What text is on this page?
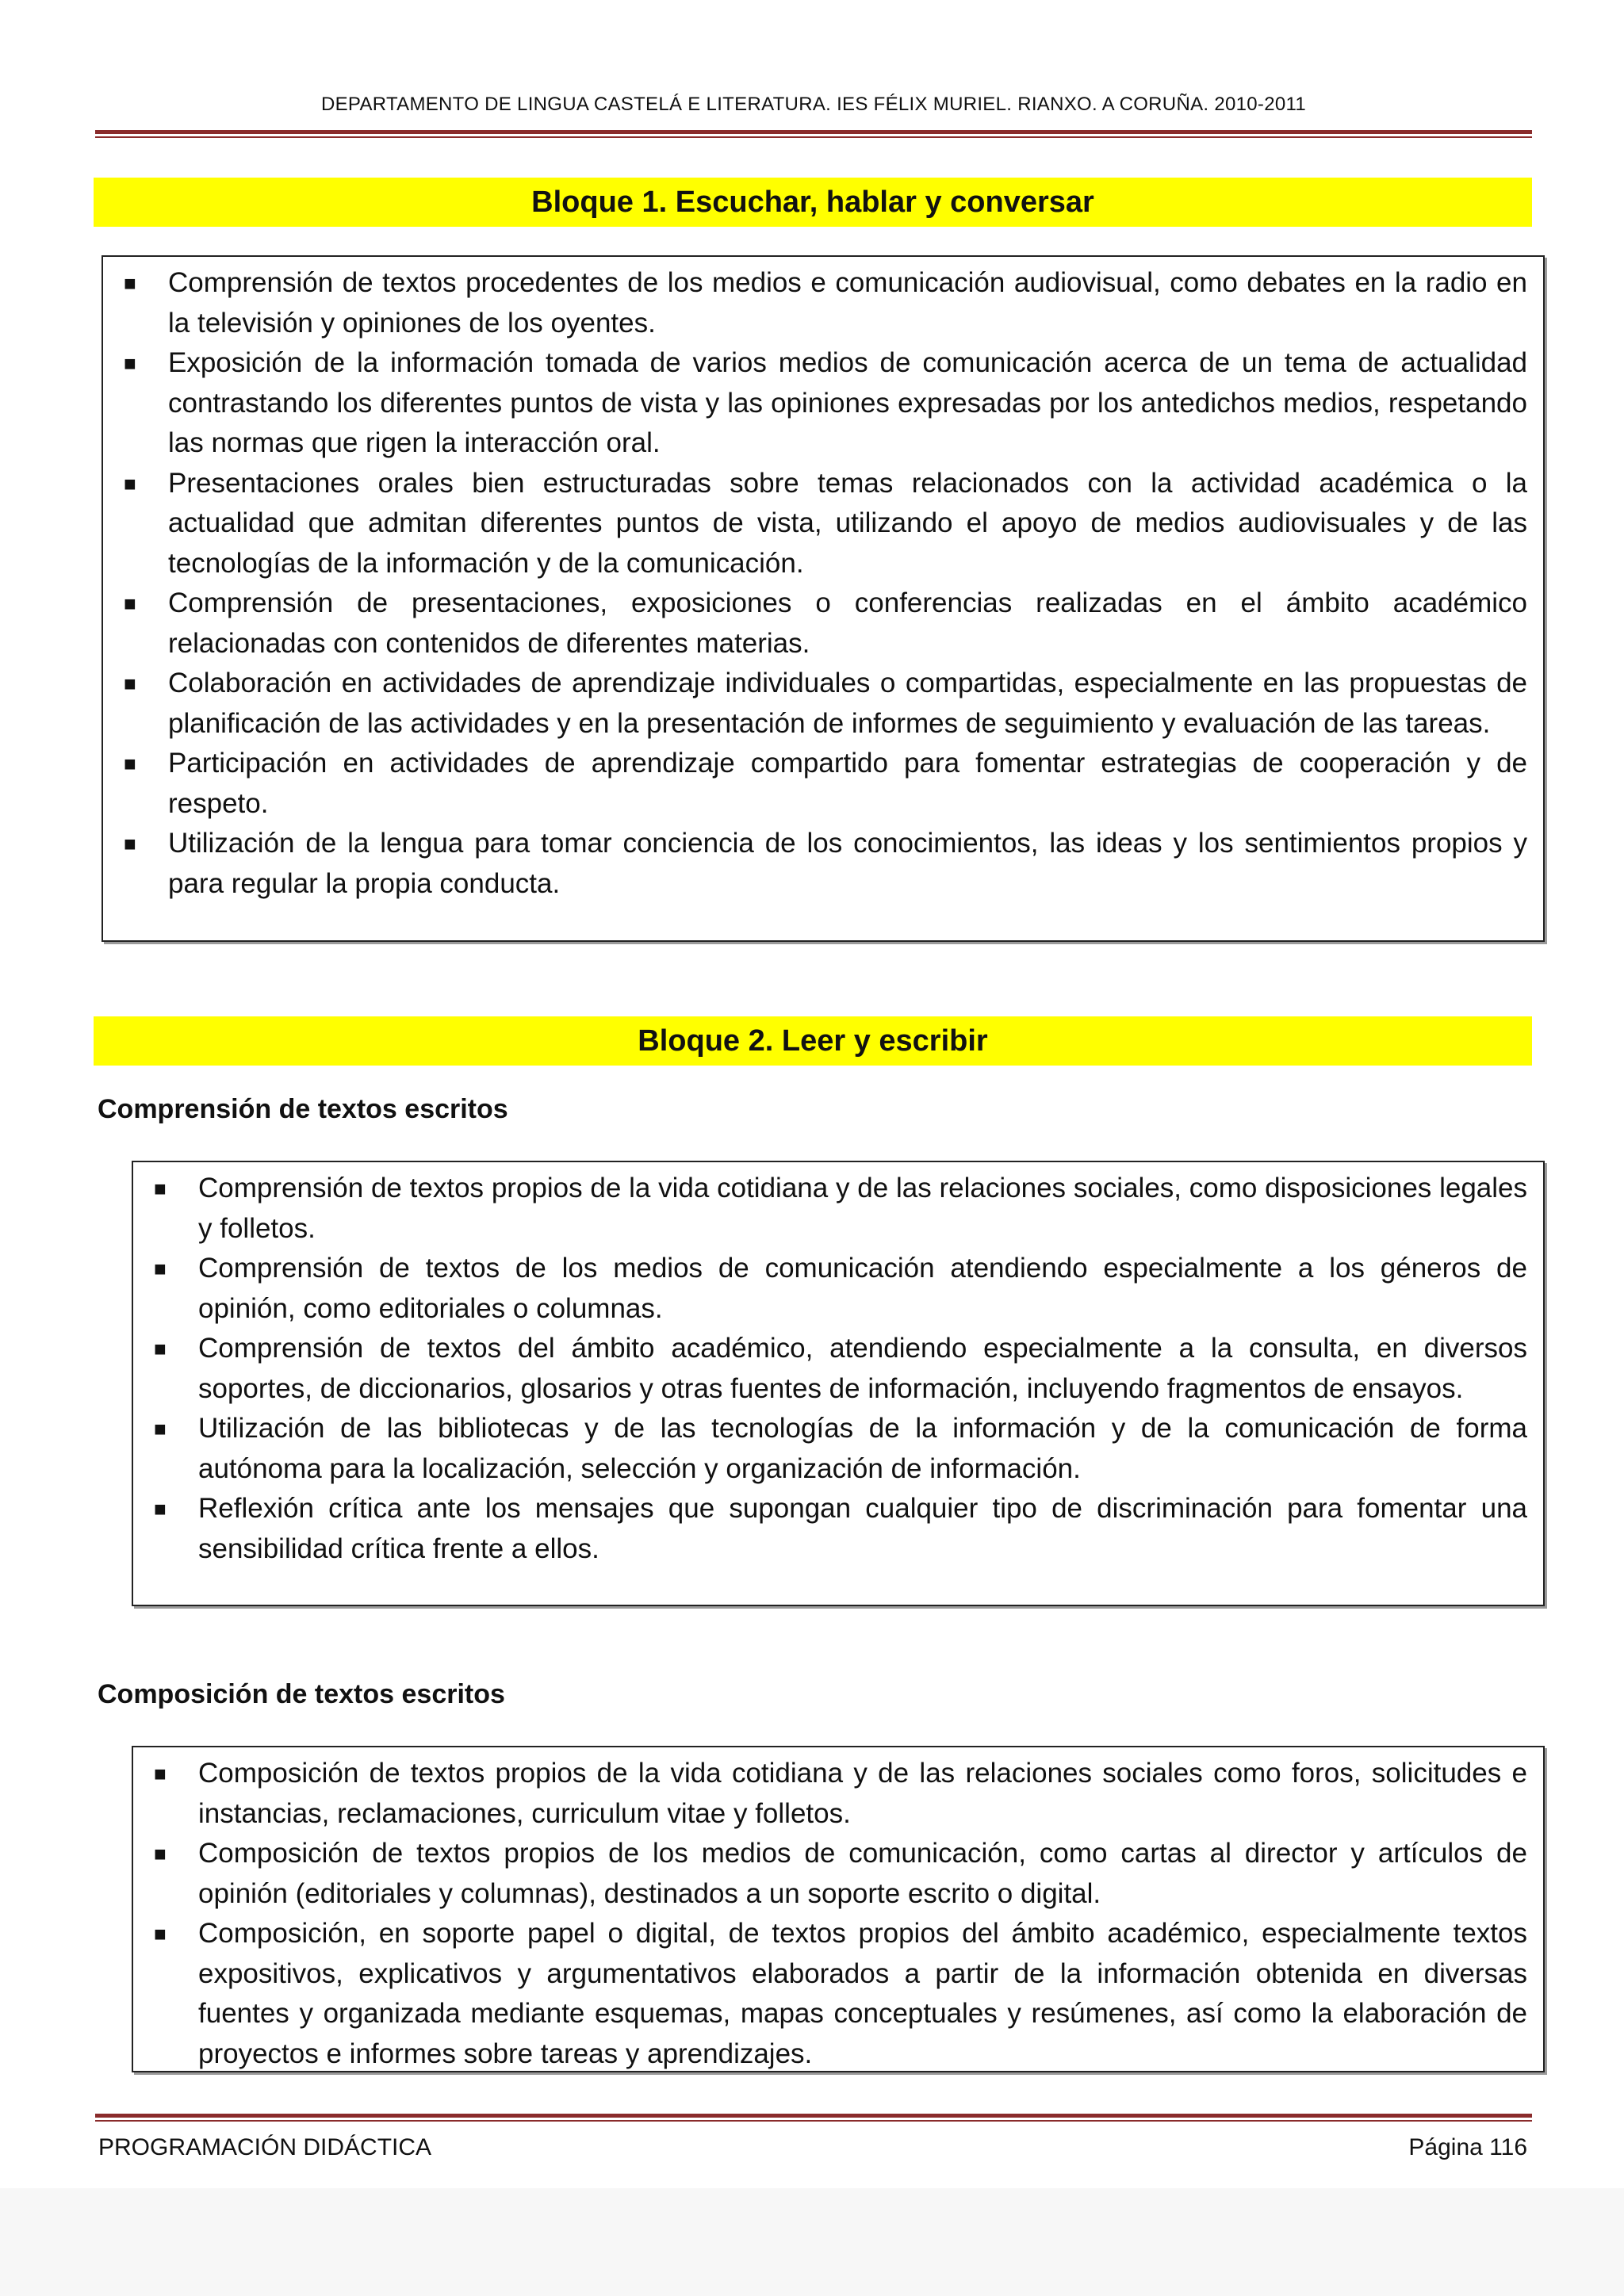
DEPARTAMENTO DE LINGUA CASTELÁ E LITERATURA. IES FÉLIX MURIEL. RIANXO. A CORUÑA. 2010-2011
Bloque 1. Escuchar, hablar y conversar
■ Comprensión de textos procedentes de los medios e comunicación audiovisual, como debates en la radio en la televisión y opiniones de los oyentes.
■ Exposición de la información tomada de varios medios de comunicación acerca de un tema de actualidad contrastando los diferentes puntos de vista y las opiniones expresadas por los antedichos medios, respetando las normas que rigen la interacción oral.
■ Presentaciones orales bien estructuradas sobre temas relacionados con la actividad académica o la actualidad que admitan diferentes puntos de vista, utilizando el apoyo de medios audiovisuales y de las tecnologías de la información y de la comunicación.
■ Comprensión de presentaciones, exposiciones o conferencias realizadas en el ámbito académico relacionadas con contenidos de diferentes materias.
■ Colaboración en actividades de aprendizaje individuales o compartidas, especialmente en las propuestas de planificación de las actividades y en la presentación de informes de seguimiento y evaluación de las tareas.
■ Participación en actividades de aprendizaje compartido para fomentar estrategias de cooperación y de respeto.
■ Utilización de la lengua para tomar conciencia de los conocimientos, las ideas y los sentimientos propios y para regular la propia conducta.
Bloque 2. Leer y escribir
Comprensión de textos escritos
■ Comprensión de textos propios de la vida cotidiana y de las relaciones sociales, como disposiciones legales y folletos.
■ Comprensión de textos de los medios de comunicación atendiendo especialmente a los géneros de opinión, como editoriales o columnas.
■ Comprensión de textos del ámbito académico, atendiendo especialmente a la consulta, en diversos soportes, de diccionarios, glosarios y otras fuentes de información, incluyendo fragmentos de ensayos.
■ Utilización de las bibliotecas y de las tecnologías de la información y de la comunicación de forma autónoma para la localización, selección y organización de información.
■ Reflexión crítica ante los mensajes que supongan cualquier tipo de discriminación para fomentar una sensibilidad crítica frente a ellos.
Composición de textos escritos
■ Composición de textos propios de la vida cotidiana y de las relaciones sociales como foros, solicitudes e instancias, reclamaciones, curriculum vitae y folletos.
■ Composición de textos propios de los medios de comunicación, como cartas al director y artículos de opinión (editoriales y columnas), destinados a un soporte escrito o digital.
■ Composición, en soporte papel o digital, de textos propios del ámbito académico, especialmente textos expositivos, explicativos y argumentativos elaborados a partir de la información obtenida en diversas fuentes y organizada mediante esquemas, mapas conceptuales y resúmenes, así como la elaboración de proyectos e informes sobre tareas y aprendizajes.
PROGRAMACIÓN DIDÁCTICA	Página 116
